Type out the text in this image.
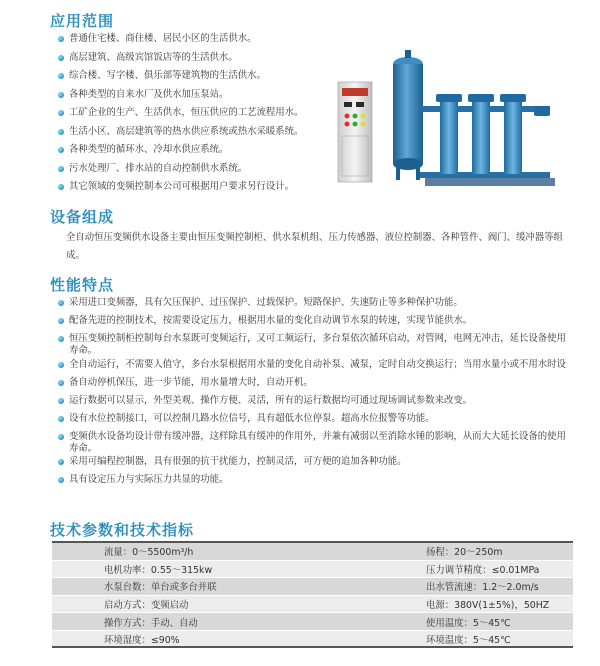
应用范围
普通住宅楼、商住楼、居民小区的生活供水。
高层建筑、高级宾馆饭店等的生活供水。
综合楼、写字楼、俱乐部等建筑物的生活供水。
各种类型的自来水厂及供水加压泵站。
工矿企业的生产、生活供水，恒压供应的工艺流程用水。
生活小区、高层建筑等的热水供应系统或热水采暖系统。
各种类型的循环水、冷却水供应系统。
污水处理厂、排水站的自动控制供水系统。
其它领域的变频控制本公司可根据用户要求另行设计。
设备组成
全自动恒压变频供水设备主要由恒压变频控制柜、供水泵机组、压力传感器、液位控制器、各种管件、阀门、缓冲器等组成。
性能特点
采用进口变频器，具有欠压保护、过压保护、过载保护。短路保护、失速防止等多种保护功能。
配备先进的控制技术，按需要设定压力，根据用水量的变化自动调节水泵的转速，实现节能供水。
恒压变频控制柜控制每台水泵既可变频运行，又可工频运行，多台泵依次循环启动，对管网，电网无冲击，延长设备使用寿命。
全自动运行，不需要人值守，多台水泵根据用水量的变化自动补泵、减泵，定时自动交换运行；当用水量小或不用水时设
备自动停机保压，进一步节能，用水量增大时，自动开机。
运行数据可以显示，外型美观、操作方便、灵活，所有的运行数据均可通过现场调试参数来改变。
设有水位控制接口，可以控制几路水位信号，具有超低水位停泵。超高水位报警等功能。
变频供水设备均设计带有缓冲器，这样除具有缓冲的作用外，并兼有减弱以至消除水锤的影响，从而大大延长设备的使用寿命。
采用可编程控制器，具有很强的抗干扰能力，控制灵活，可方便的追加各种功能。
具有设定压力与实际压力共显的功能。
技术参数和技术指标
流量：0～5500m³/h	扬程：20～250m
电机功率：0.55～315kw	压力调节精度：≤0.01MPa
水泵台数：单台或多台并联	出水管流速：1.2～2.0m/s
启动方式：变频启动	电源：380V(1±5%)，50HZ
操作方式：手动、自动	使用温度：5～45℃
环境湿度：≤90%	环境温度：5～45℃
